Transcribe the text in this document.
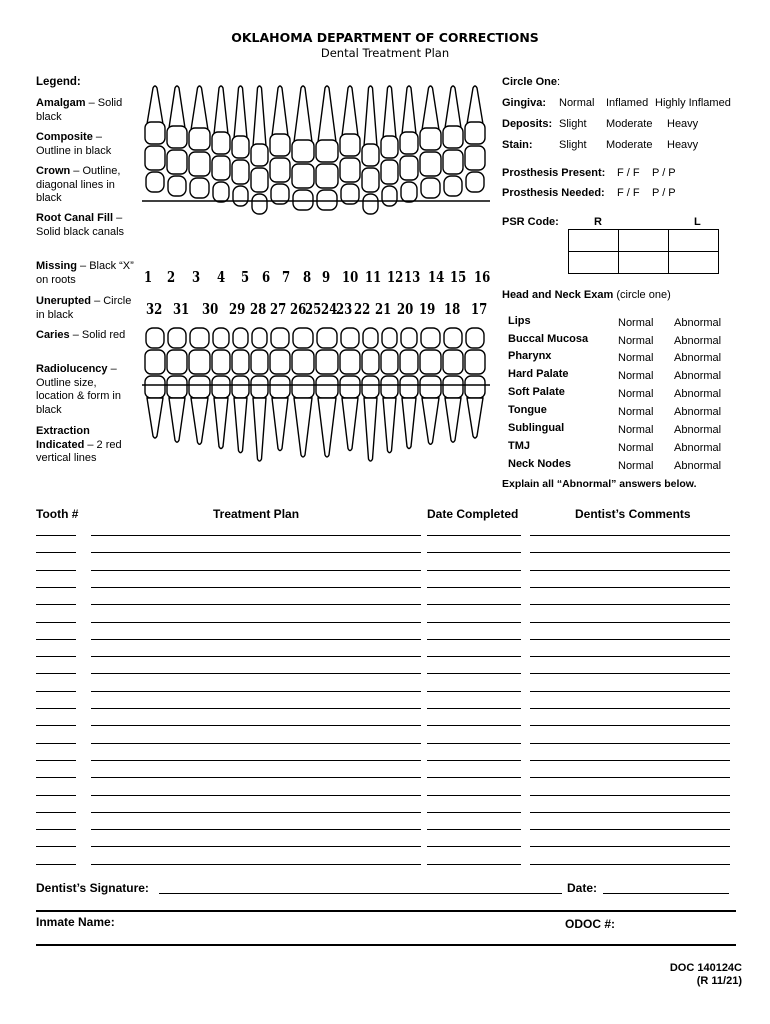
OKLAHOMA DEPARTMENT OF CORRECTIONS
Dental Treatment Plan
Legend:
Amalgam – Solid black
Composite – Outline in black
Crown – Outline, diagonal lines in black
Root Canal Fill – Solid black canals
Missing – Black “X” on roots
Unerupted – Circle in black
Caries – Solid red
Radiolucency – Outline size, location & form in black
Extraction Indicated – 2 red vertical lines
1 2 3 4 5 6 7 8 9 10 11 12 13 14 15 16
32 31 30 29 28 27 26
25 24
23 22 21 20 19 18 17
Circle One:
Gingiva: Normal Inflamed Highly Inflamed
Deposits: Slight Moderate Heavy
Stain: Slight Moderate Heavy
Prosthesis Present: F / F P / P
Prosthesis Needed: F / F P / P
PSR Code:	R	L

Head and Neck Exam (circle one)
Lips	Normal Abnormal
Buccal Mucosa	Normal Abnormal
Pharynx	Normal Abnormal
Hard Palate	Normal Abnormal
Soft Palate	Normal Abnormal
Tongue	Normal Abnormal
Sublingual	Normal Abnormal
TMJ	Normal Abnormal
Neck Nodes	Normal Abnormal
Explain all “Abnormal” answers below.
Tooth #	Treatment Plan	Date Completed	Dentist’s Comments
Dentist’s Signature:	Date:
Inmate Name:	ODOC #:
DOC 140124C
(R 11/21)
